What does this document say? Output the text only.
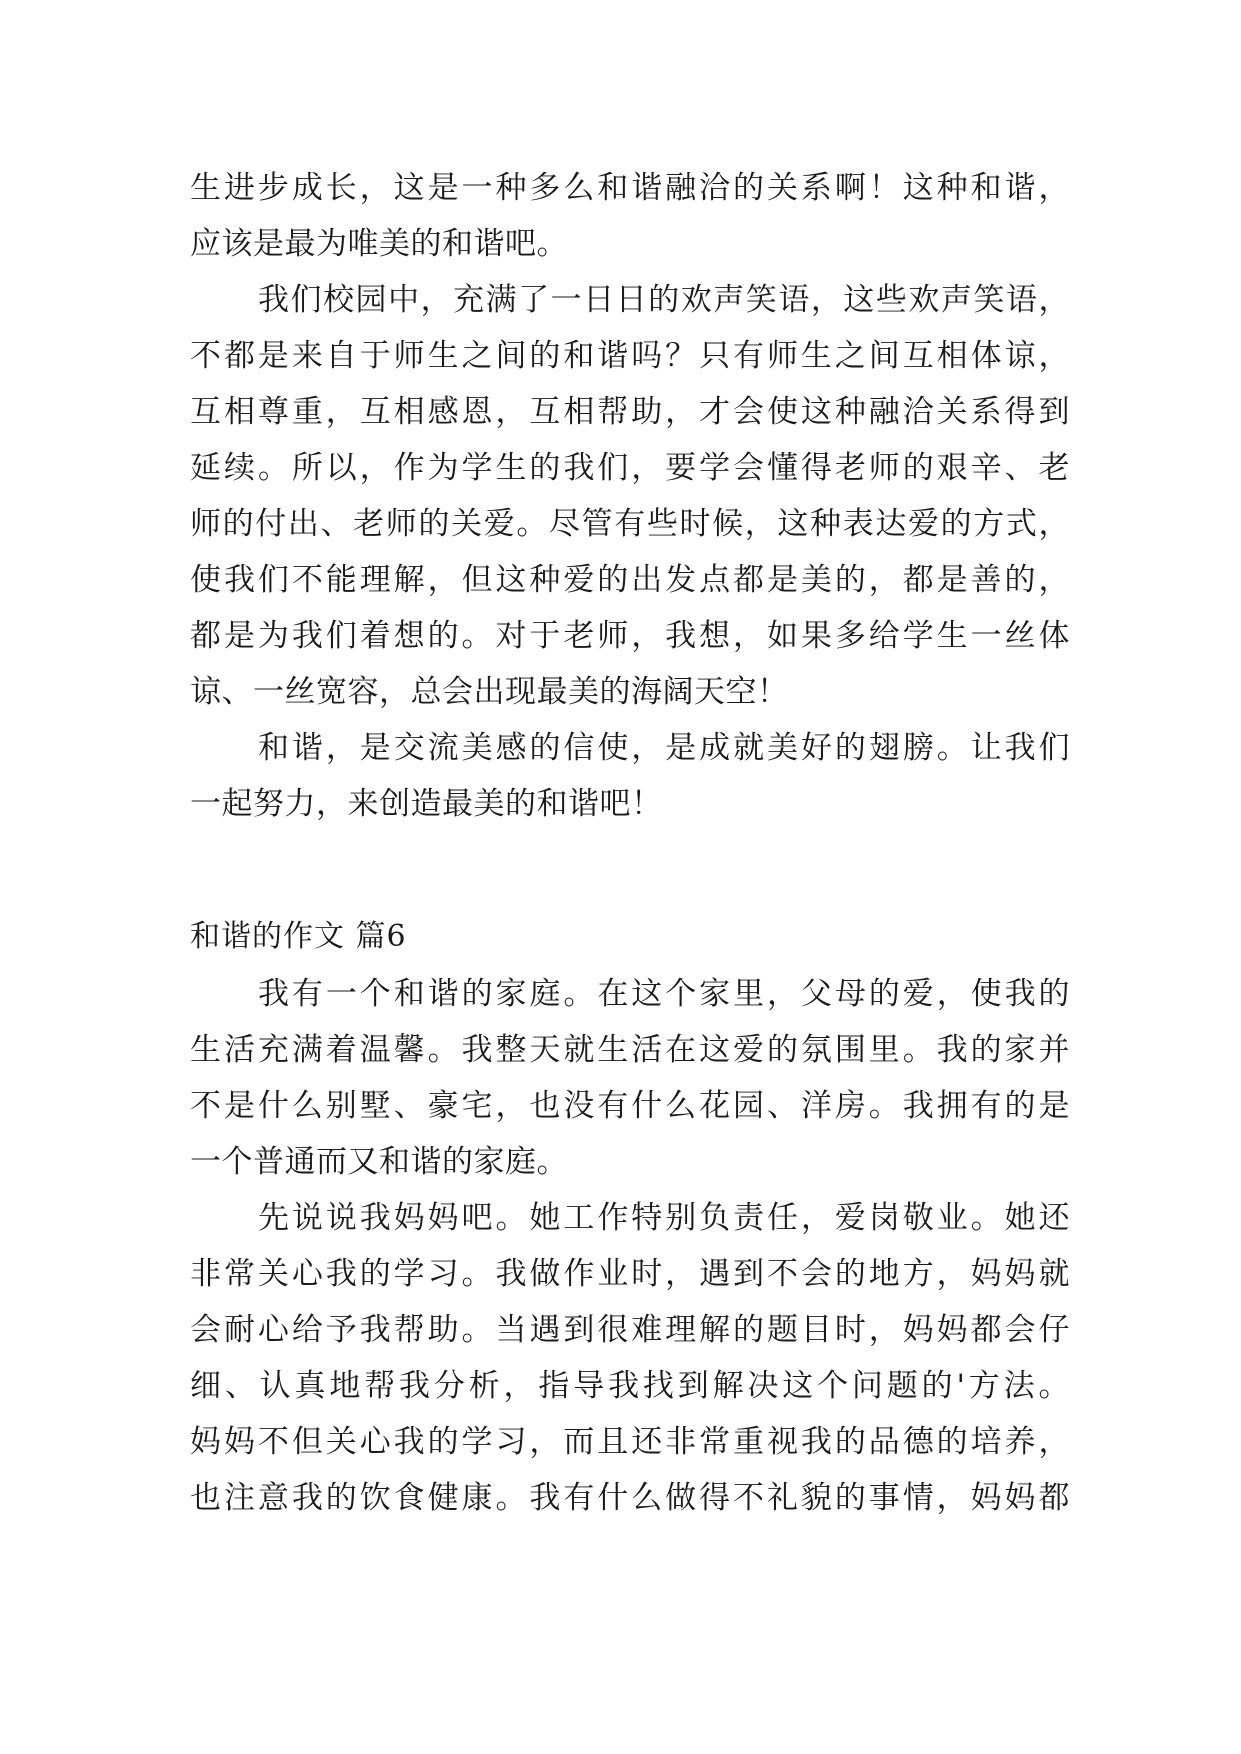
生进步成长，这是一种多么和谐融洽的关系啊！这种和谐，
应该是最为唯美的和谐吧。
我们校园中，充满了一日日的欢声笑语，这些欢声笑语，
不都是来自于师生之间的和谐吗？只有师生之间互相体谅，
互相尊重，互相感恩，互相帮助，才会使这种融洽关系得到
延续。所以，作为学生的我们，要学会懂得老师的艰辛、老
师的付出、老师的关爱。尽管有些时候，这种表达爱的方式，
使我们不能理解，但这种爱的出发点都是美的，都是善的，
都是为我们着想的。对于老师，我想，如果多给学生一丝体
谅、一丝宽容，总会出现最美的海阔天空！
和谐，是交流美感的信使，是成就美好的翅膀。让我们
一起努力，来创造最美的和谐吧！
和谐的作文 篇6
我有一个和谐的家庭。在这个家里，父母的爱，使我的
生活充满着温馨。我整天就生活在这爱的氛围里。我的家并
不是什么别墅、豪宅，也没有什么花园、洋房。我拥有的是
一个普通而又和谐的家庭。
先说说我妈妈吧。她工作特别负责任，爱岗敬业。她还
非常关心我的学习。我做作业时，遇到不会的地方，妈妈就
会耐心给予我帮助。当遇到很难理解的题目时，妈妈都会仔
细、认真地帮我分析，指导我找到解决这个问题的'方法。
妈妈不但关心我的学习，而且还非常重视我的品德的培养，
也注意我的饮食健康。我有什么做得不礼貌的事情，妈妈都
